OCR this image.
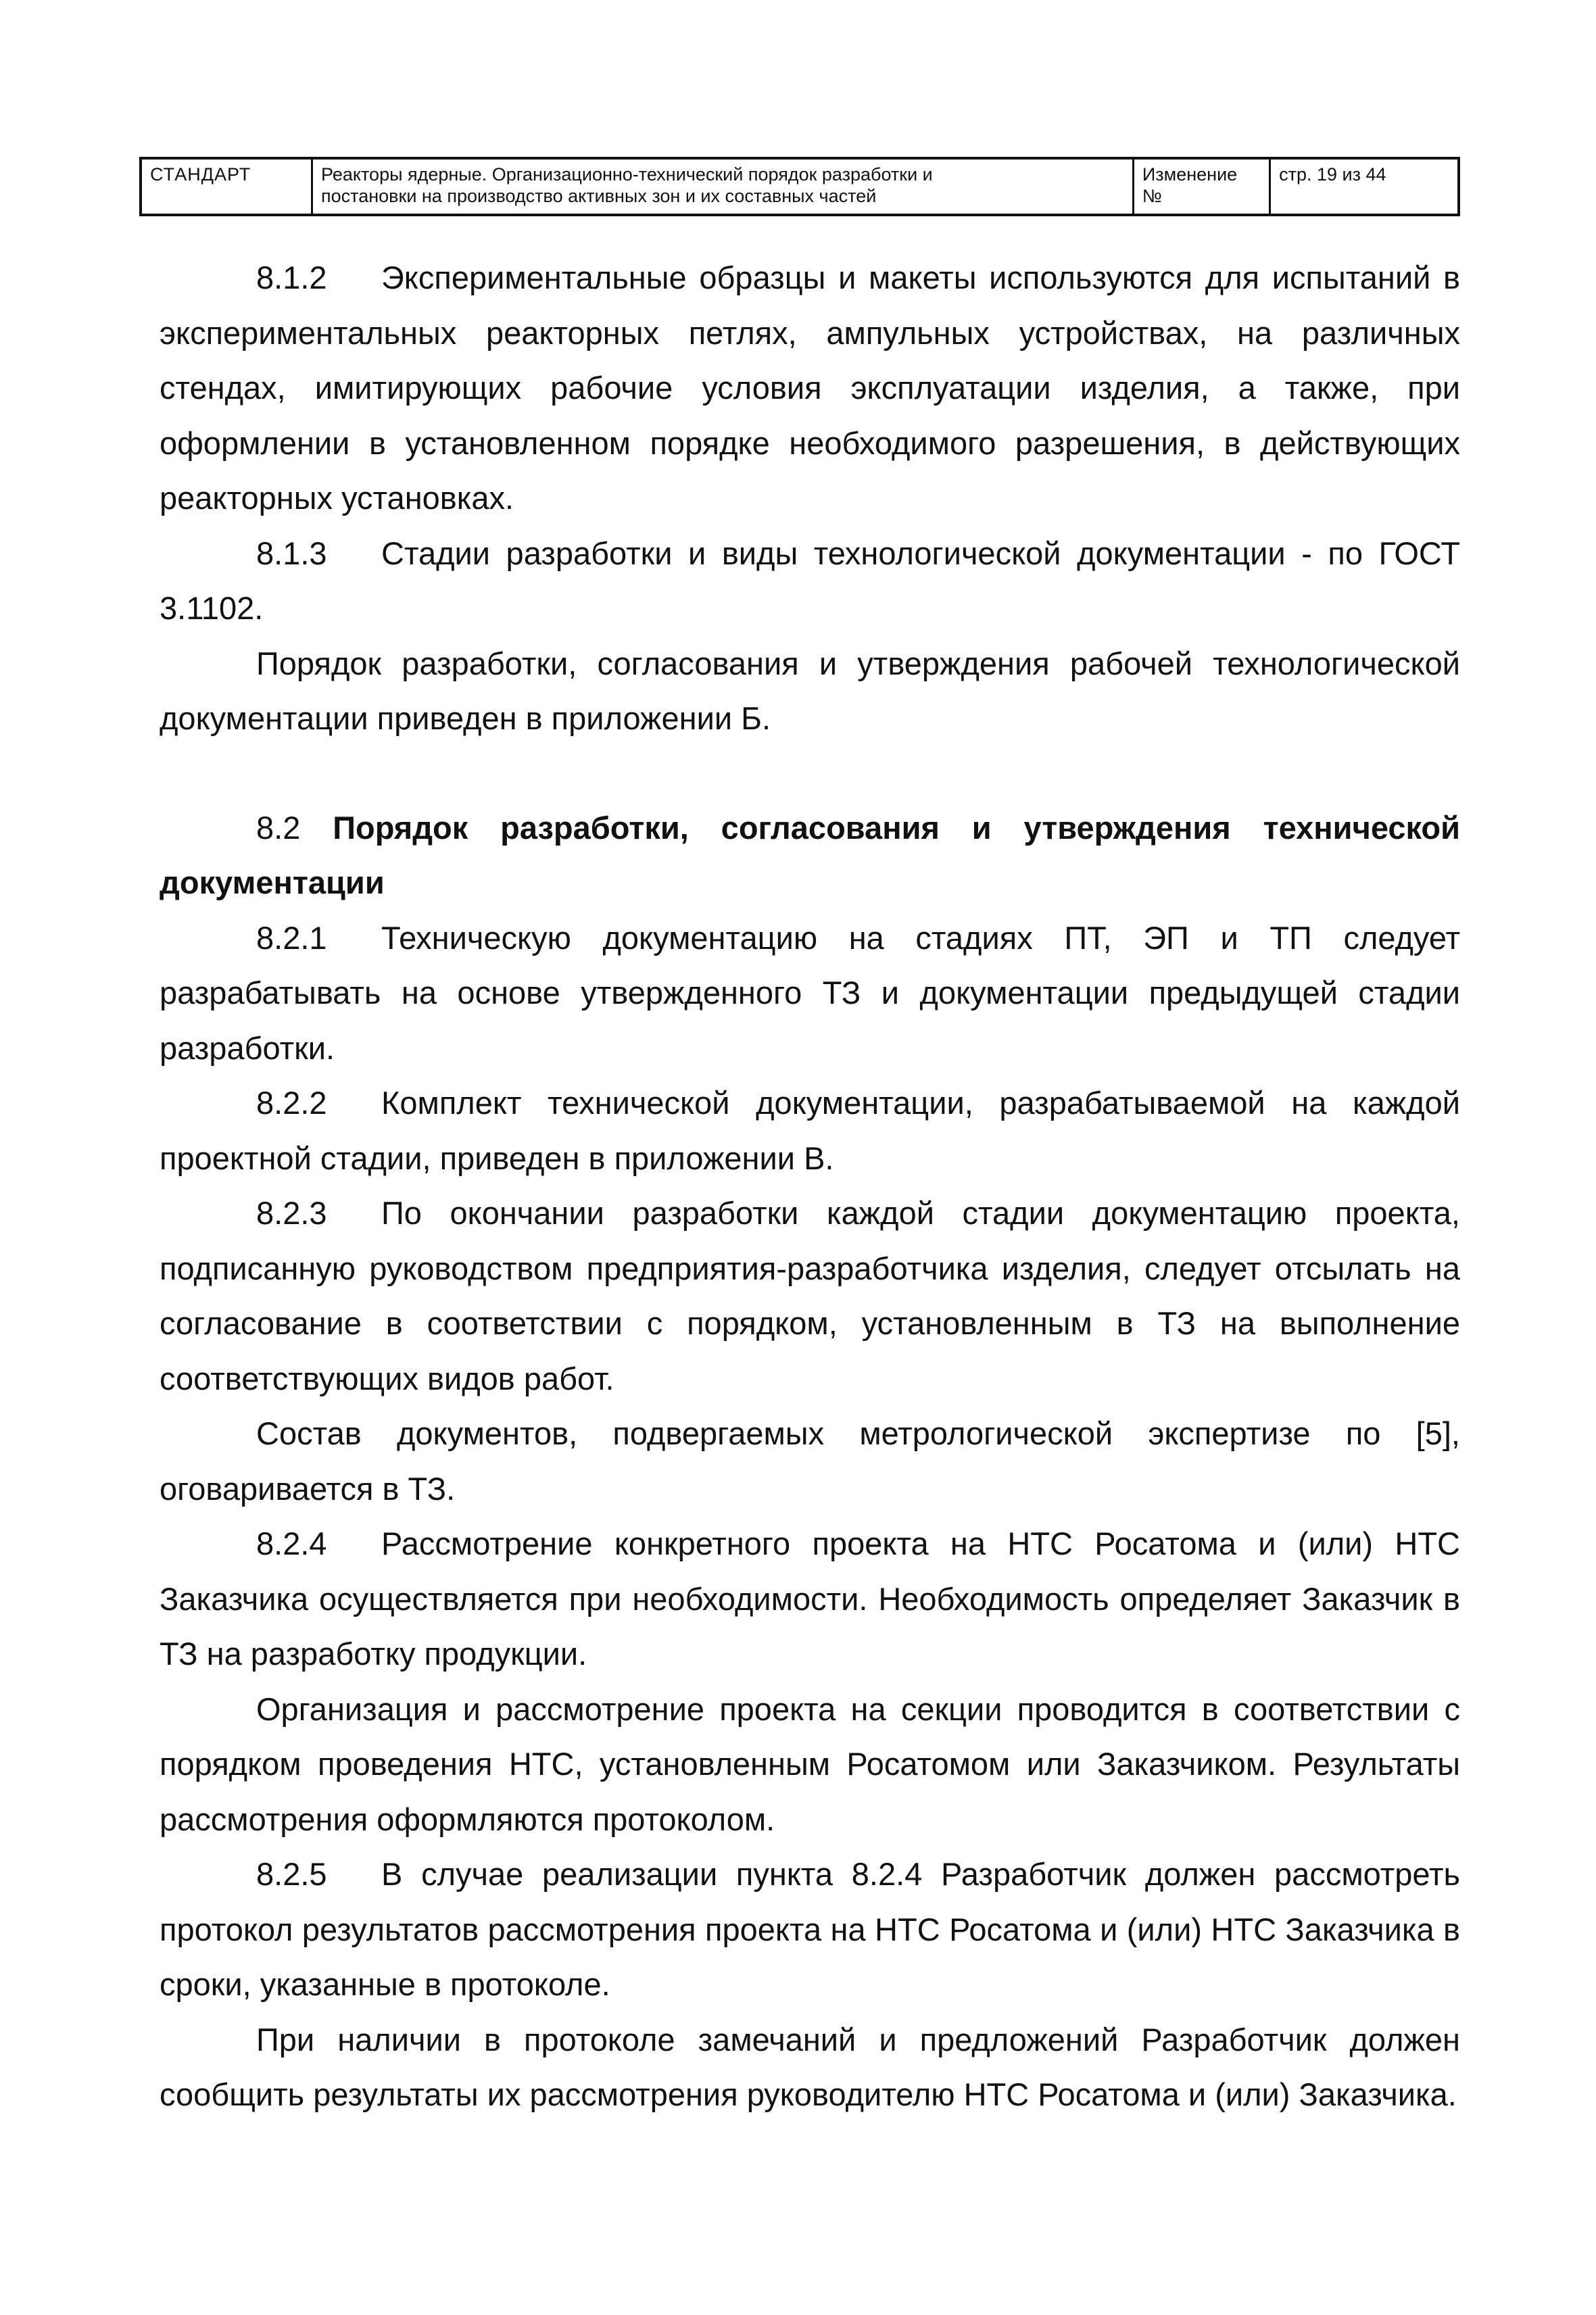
СТАНДАРТ	Реакторы ядерные. Организационно-технический порядок разработки и
постановки на производство активных зон и их составных частей
Изменение
№
стр. 19 из 44

8.1.2 Экспериментальные образцы и макеты используются для испытаний в экспериментальных реакторных петлях, ампульных устройствах, на различных стендах, имитирующих рабочие условия эксплуатации изделия, а также, при оформлении в установленном порядке необходимого разрешения, в действующих реакторных установках.

8.1.3 Стадии разработки и виды технологической документации - по ГОСТ 3.1102.

Порядок разработки, согласования и утверждения рабочей технологической документации приведен в приложении Б.

8.2 Порядок разработки, согласования и утверждения технической документации

8.2.1 Техническую документацию на стадиях ПТ, ЭП и ТП следует разрабатывать на основе утвержденного ТЗ и документации предыдущей стадии разработки.

8.2.2 Комплект технической документации, разрабатываемой на каждой проектной стадии, приведен в приложении В.

8.2.3 По окончании разработки каждой стадии документацию проекта, подписанную руководством предприятия-разработчика изделия, следует отсылать на согласование в соответствии с порядком, установленным в ТЗ на выполнение соответствующих видов работ.

Состав документов, подвергаемых метрологической экспертизе по [5], оговаривается в ТЗ.

8.2.4 Рассмотрение конкретного проекта на НТС Росатома и (или) НТС Заказчика осуществляется при необходимости. Необходимость определяет Заказчик в ТЗ на разработку продукции.

Организация и рассмотрение проекта на секции проводится в соответствии с порядком проведения НТС, установленным Росатомом или Заказчиком. Результаты рассмотрения оформляются протоколом.

8.2.5 В случае реализации пункта 8.2.4 Разработчик должен рассмотреть протокол результатов рассмотрения проекта на НТС Росатома и (или) НТС Заказчика в сроки, указанные в протоколе.

При наличии в протоколе замечаний и предложений Разработчик должен сообщить результаты их рассмотрения руководителю НТС Росатома и (или) Заказчика.
